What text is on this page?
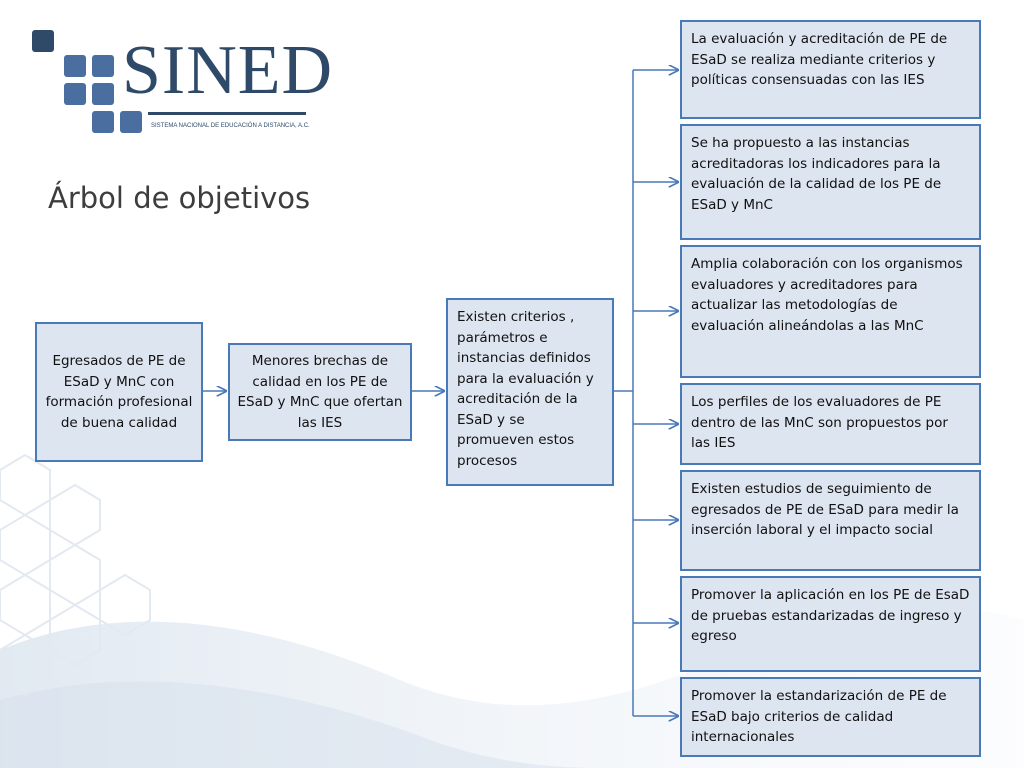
SINED
SISTEMA NACIONAL DE EDUCACIÓN A DISTANCIA, A.C.
Árbol de objetivos
Egresados de PE de ESaD y MnC con formación profesional de buena calidad
Menores brechas de calidad en los PE de ESaD y MnC que ofertan las IES
Existen criterios , parámetros e instancias definidos para la evaluación y acreditación de la ESaD y se promueven estos procesos
La evaluación y acreditación de PE de ESaD se realiza mediante criterios y políticas consensuadas con las IES
Se ha propuesto a las instancias acreditadoras los indicadores para la evaluación de la calidad de los PE de ESaD y MnC
Amplia colaboración con los organismos evaluadores y acreditadores para actualizar las metodologías de evaluación alineándolas a las MnC
Los perfiles de los evaluadores de PE dentro de las MnC son propuestos por las IES
Existen estudios de seguimiento de egresados de PE de ESaD para medir la inserción laboral y el impacto social
Promover la aplicación en los PE de EsaD de pruebas estandarizadas de ingreso y egreso
Promover la estandarización de PE de ESaD bajo criterios de calidad internacionales
